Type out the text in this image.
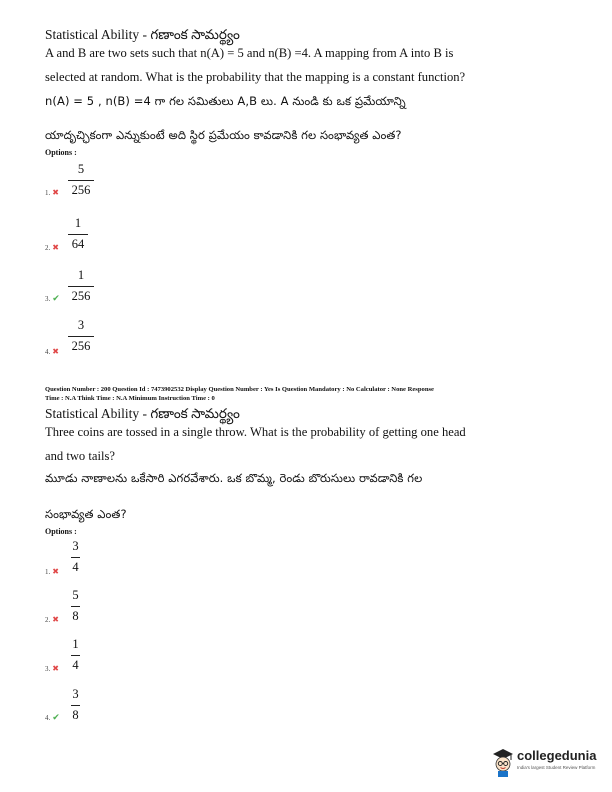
Statistical Ability - గణాంక సామర్థ్యం
A and B are two sets such that n(A) = 5 and n(B) =4. A mapping from A into B is
selected at random. What is the probability that the mapping is a constant function?
n(A) = 5 , n(B) =4 గా గల సమితులు A,B లు. A నుండి కు ఒక ప్రమేయాన్ని
యాదృచ్ఛికంగా ఎన్నుకుంటే అది స్థిర ప్రమేయం కావడానికి గల సంభావ్యత ఎంత?
Options :
1. ✖
5
256
2. ✖
1
64
3. ✔
1
256
4. ✖
3
256
Question Number : 200 Question Id : 7473902532 Display Question Number : Yes Is Question Mandatory : No Calculator : None Response
Time : N.A Think Time : N.A Minimum Instruction Time : 0
Statistical Ability - గణాంక సామర్థ్యం
Three coins are tossed in a single throw. What is the probability of getting one head
and two tails?
మూడు నాణాలను ఒకేసారి ఎగరవేశారు. ఒక బొమ్మ, రెండు బొరుసులు రావడానికి గల
సంభావ్యత ఎంత?
Options :
1. ✖
3
4
2. ✖
5
8
3. ✖
1
4
4. ✔
3
8
collegedunia
India's largest Student Review Platform
